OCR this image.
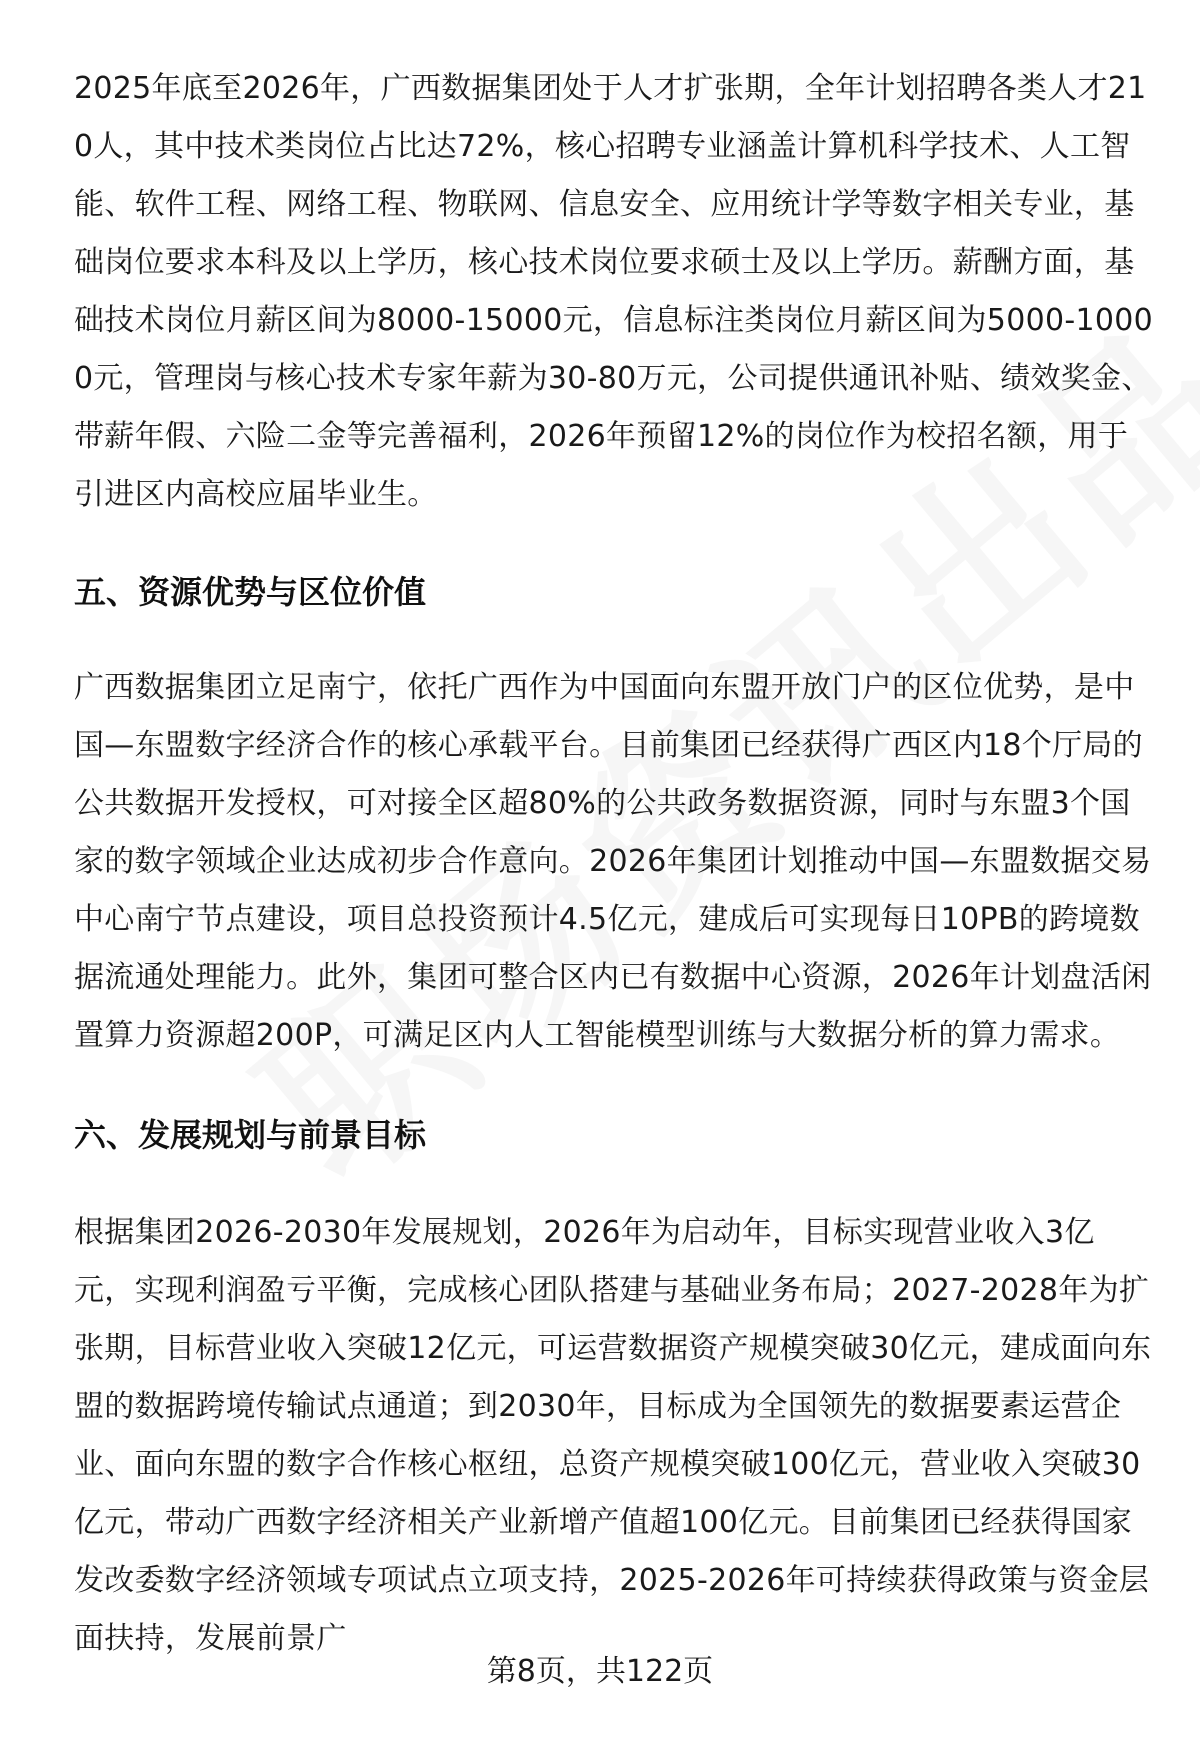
2025年底至2026年，广西数据集团处于人才扩张期，全年计划招聘各类人才210人，其中技术类岗位占比达72%，核心招聘专业涵盖计算机科学技术、人工智能、软件工程、网络工程、物联网、信息安全、应用统计学等数字相关专业，基础岗位要求本科及以上学历，核心技术岗位要求硕士及以上学历。薪酬方面，基础技术岗位月薪区间为8000-15000元，信息标注类岗位月薪区间为5000-10000元，管理岗与核心技术专家年薪为30-80万元，公司提供通讯补贴、绩效奖金、带薪年假、六险二金等完善福利，2026年预留12%的岗位作为校招名额，用于引进区内高校应届毕业生。

五、资源优势与区位价值

广西数据集团立足南宁，依托广西作为中国面向东盟开放门户的区位优势，是中国—东盟数字经济合作的核心承载平台。目前集团已经获得广西区内18个厅局的公共数据开发授权，可对接全区超80%的公共政务数据资源，同时与东盟3个国家的数字领域企业达成初步合作意向。2026年集团计划推动中国—东盟数据交易中心南宁节点建设，项目总投资预计4.5亿元，建成后可实现每日10PB的跨境数据流通处理能力。此外，集团可整合区内已有数据中心资源，2026年计划盘活闲置算力资源超200P，可满足区内人工智能模型训练与大数据分析的算力需求。

六、发展规划与前景目标

根据集团2026-2030年发展规划，2026年为启动年，目标实现营业收入3亿元，实现利润盈亏平衡，完成核心团队搭建与基础业务布局；2027-2028年为扩张期，目标营业收入突破12亿元，可运营数据资产规模突破30亿元，建成面向东盟的数据跨境传输试点通道；到2030年，目标成为全国领先的数据要素运营企业、面向东盟的数字合作核心枢纽，总资产规模突破100亿元，营业收入突破30亿元，带动广西数字经济相关产业新增产值超100亿元。目前集团已经获得国家发改委数字经济领域专项试点立项支持，2025-2026年可持续获得政策与资金层面扶持，发展前景广

第8页，共122页
